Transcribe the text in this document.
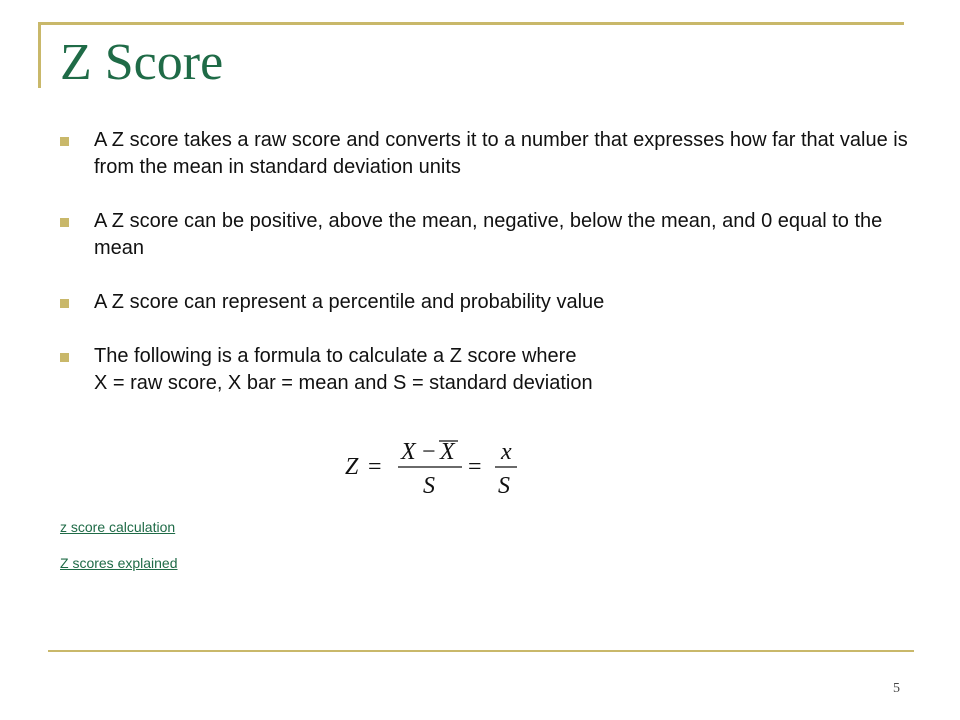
Z Score
A Z score takes a raw score and converts it to a number that expresses how far that value is from the mean in standard deviation units
A Z score can be positive, above the mean, negative, below the mean, and 0 equal to the mean
A Z score can represent a percentile and probability value
The following is a formula to calculate a Z score where
X = raw score, X bar = mean and S = standard deviation
Z =
X − X
S
=
x
S
z score calculation
Z scores explained
5
